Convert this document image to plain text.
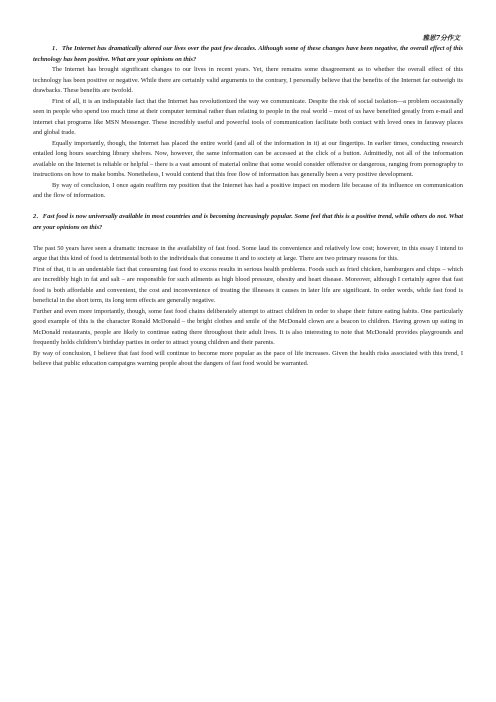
雅思7分作文

1．The Internet has dramatically altered our lives over the past few decades. Although some of these changes have been negative, the overall effect of this technology has been positive. What are your opinions on this?

The Internet has brought significant changes to our lives in recent years. Yet, there remains some disagreement as to whether the overall effect of this technology has been positive or negative. While there are certainly valid arguments to the contrary, I personally believe that the benefits of the Internet far outweigh its drawbacks. These benefits are twofold.

First of all, it is an indisputable fact that the Internet has revolutionized the way we communicate. Despite the risk of social isolation—a problem occasionally seen in people who spend too much time at their computer terminal rather than relating to people in the real world – most of us have benefited greatly from e-mail and internet chat programs like MSN Messenger. These incredibly useful and powerful tools of communication facilitate both contact with loved ones in faraway places and global trade.

Equally importantly, though, the Internet has placed the entire world (and all of the information in it) at our fingertips. In earlier times, conducting research entailed long hours searching library shelves. Now, however, the same information can be accessed at the click of a button. Admittedly, not all of the information available on the Internet is reliable or helpful – there is a vast amount of material online that some would consider offensive or dangerous, ranging from pornography to instructions on how to make bombs. Nonetheless, I would contend that this free flow of information has generally been a very positive development.

By way of conclusion, I once again reaffirm my position that the Internet has had a positive impact on modern life because of its influence on communication and the flow of information.

2．Fast food is now universally available in most countries and is becoming increasingly popular. Some feel that this is a positive trend, while others do not. What are your opinions on this?

The past 50 years have seen a dramatic increase in the availability of fast food. Some laud its convenience and relatively low cost; however, in this essay I intend to argue that this kind of food is detrimental both to the individuals that consume it and to society at large. There are two primary reasons for this.

First of that, it is an undeniable fact that consuming fast food to excess results in serious health problems. Foods such as fried chicken, hamburgers and chips – which are incredibly high in fat and salt – are responsible for such ailments as high blood pressure, obesity and heart disease. Moreover, although I certainly agree that fast food is both affordable and convenient, the cost and inconvenience of treating the illnesses it causes in later life are significant. In order words, while fast food is beneficial in the short term, its long term effects are generally negative.

Further and even more importantly, though, some fast food chains deliberately attempt to attract children in order to shape their future eating habits. One particularly good example of this is the character Ronald McDonald – the bright clothes and smile of the McDonald clown are a beacon to children. Having grown up eating in McDonald restaurants, people are likely to continue eating there throughout their adult lives. It is also interesting to note that McDonald provides playgrounds and frequently holds children’s birthday parties in order to attract young children and their parents.

By way of conclusion, I believe that fast food will continue to become more popular as the pace of life increases. Given the health risks associated with this trend, I believe that public education campaigns warning people about the dangers of fast food would be warranted.
